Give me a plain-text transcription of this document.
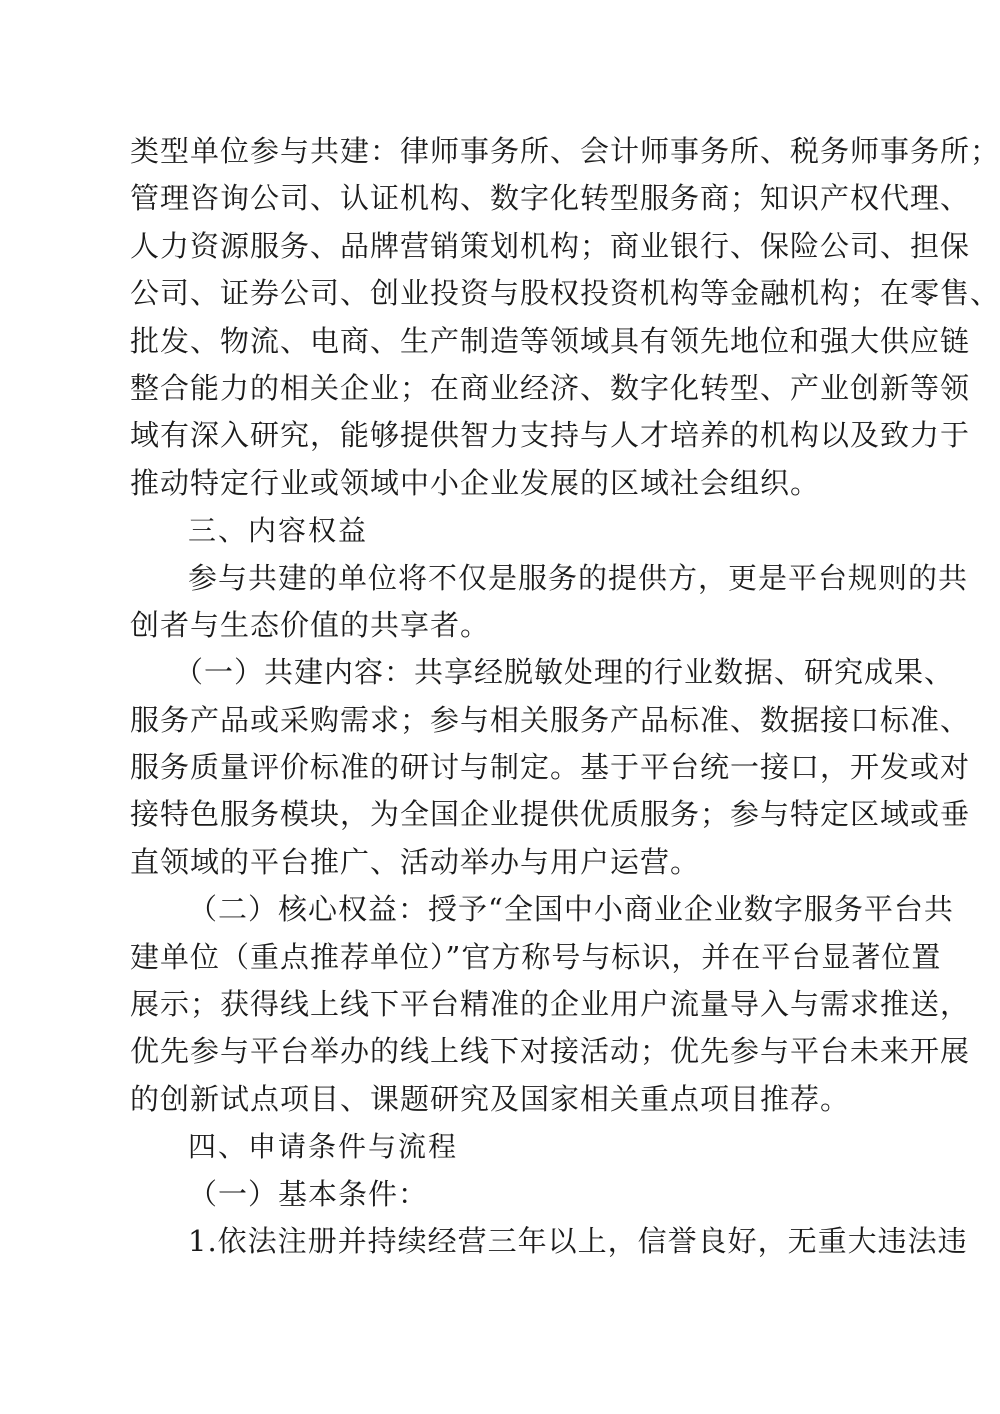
类型单位参与共建：律师事务所、会计师事务所、税务师事务所；
管理咨询公司、认证机构、数字化转型服务商；知识产权代理、
人力资源服务、品牌营销策划机构；商业银行、保险公司、担保
公司、证券公司、创业投资与股权投资机构等金融机构；在零售、
批发、物流、电商、生产制造等领域具有领先地位和强大供应链
整合能力的相关企业；在商业经济、数字化转型、产业创新等领
域有深入研究，能够提供智力支持与人才培养的机构以及致力于
推动特定行业或领域中小企业发展的区域社会组织。
三、内容权益
参与共建的单位将不仅是服务的提供方，更是平台规则的共
创者与生态价值的共享者。
（一）共建内容：共享经脱敏处理的行业数据、研究成果、
服务产品或采购需求；参与相关服务产品标准、数据接口标准、
服务质量评价标准的研讨与制定。基于平台统一接口，开发或对
接特色服务模块，为全国企业提供优质服务；参与特定区域或垂
直领域的平台推广、活动举办与用户运营。
（二）核心权益：授予“全国中小商业企业数字服务平台共
建单位（重点推荐单位）”官方称号与标识，并在平台显著位置
展示；获得线上线下平台精准的企业用户流量导入与需求推送，
优先参与平台举办的线上线下对接活动；优先参与平台未来开展
的创新试点项目、课题研究及国家相关重点项目推荐。
四、申请条件与流程
（一）基本条件：
1.依法注册并持续经营三年以上，信誉良好，无重大违法违
